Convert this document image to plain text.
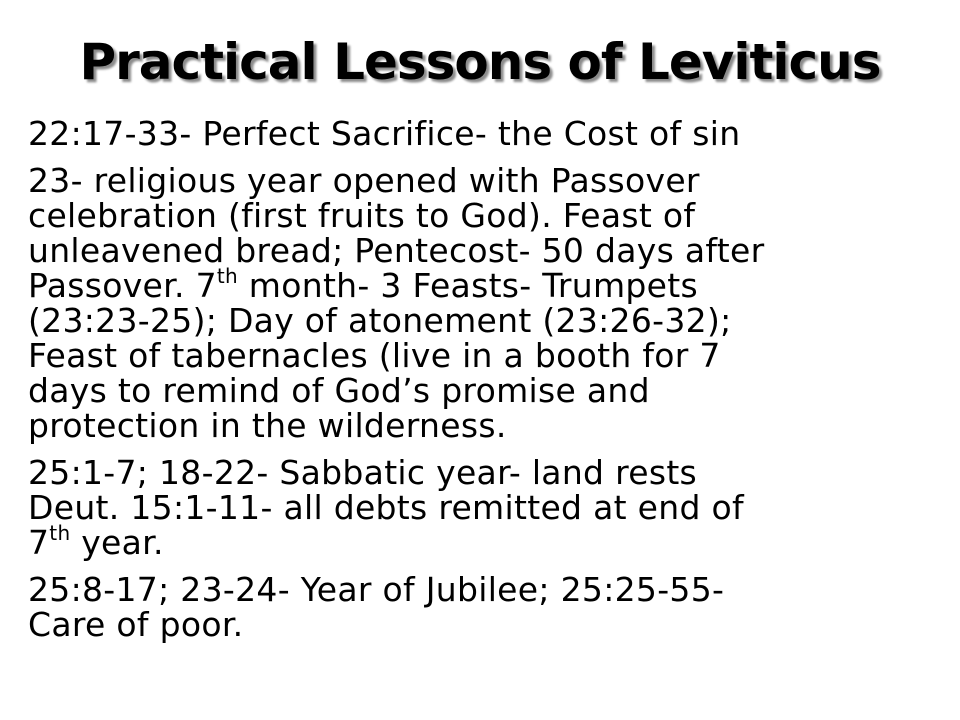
Practical Lessons of Leviticus

22:17-33- Perfect Sacrifice- the Cost of sin

23- religious year opened with Passover
celebration (first fruits to God). Feast of
unleavened bread; Pentecost- 50 days after
Passover. 7th month- 3 Feasts- Trumpets
(23:23-25); Day of atonement (23:26-32);
Feast of tabernacles (live in a booth for 7
days to remind of God’s promise and
protection in the wilderness.

25:1-7; 18-22- Sabbatic year- land rests
Deut. 15:1-11- all debts remitted at end of
7th year.

25:8-17; 23-24- Year of Jubilee; 25:25-55-
Care of poor.
